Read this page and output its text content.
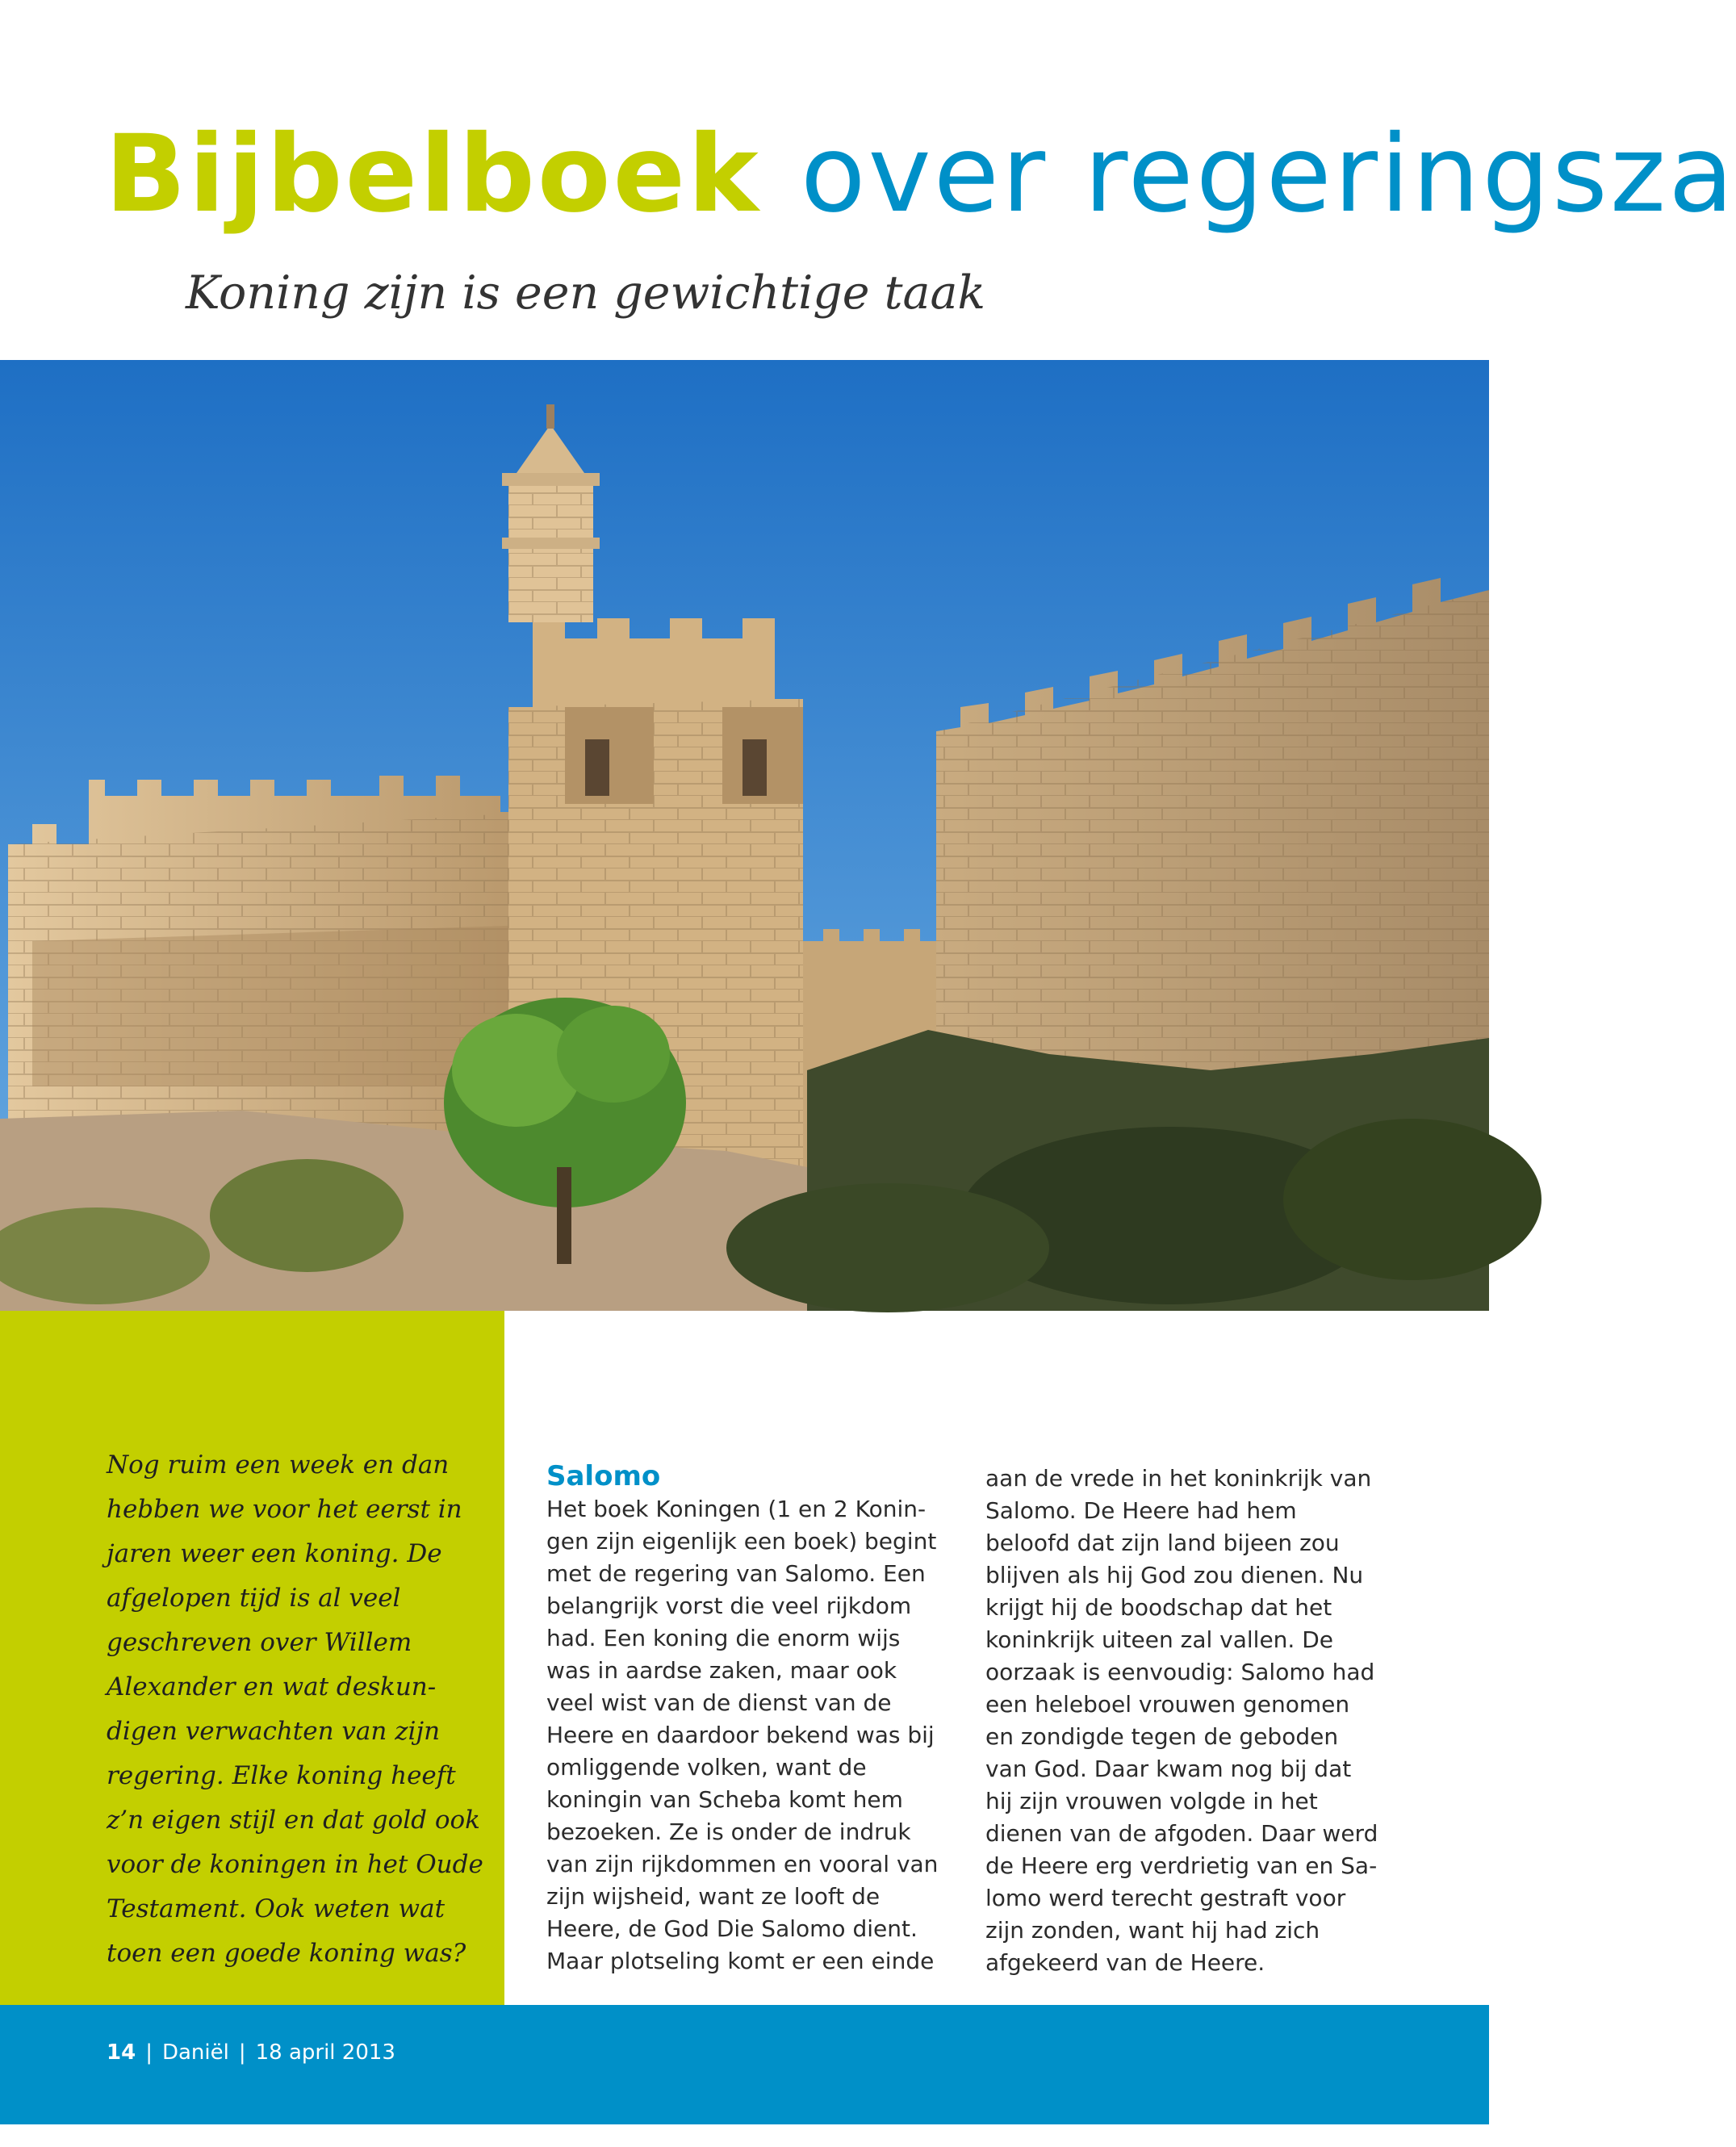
Bijbelboek over regeringsza
Koning zijn is een gewichtige taak

Nog ruim een week en dan hebben we voor het eerst in jaren weer een koning. De afgelopen tijd is al veel geschreven over Willem Alexander en wat deskundigen verwachten van zijn regering. Elke koning heeft z’n eigen stijl en dat gold ook voor de koningen in het Oude Testament. Ook weten wat toen een goede koning was?

Salomo

Het boek Koningen (1 en 2 Koningen zijn eigenlijk een boek) begint met de regering van Salomo. Een belangrijk vorst die veel rijkdom had. Een koning die enorm wijs was in aardse zaken, maar ook veel wist van de dienst van de Heere en daardoor bekend was bij omliggende volken, want de koningin van Scheba komt hem bezoeken. Ze is onder de indruk van zijn rijkdommen en vooral van zijn wijsheid, want ze looft de Heere, de God Die Salomo dient.

Maar plotseling komt er een einde

aan de vrede in het koninkrijk van Salomo. De Heere had hem beloofd dat zijn land bijeen zou blijven als hij God zou dienen. Nu krijgt hij de boodschap dat het koninkrijk uiteen zal vallen. De oorzaak is eenvoudig: Salomo had een heleboel vrouwen genomen en zondigde tegen de geboden van God. Daar kwam nog bij dat hij zijn vrouwen volgde in het dienen van de afgoden. Daar werd de Heere erg verdrietig van en Salomo werd terecht gestraft voor zijn zonden, want hij had zich afgekeerd van de Heere.

14 | Daniël | 18 april 2013
